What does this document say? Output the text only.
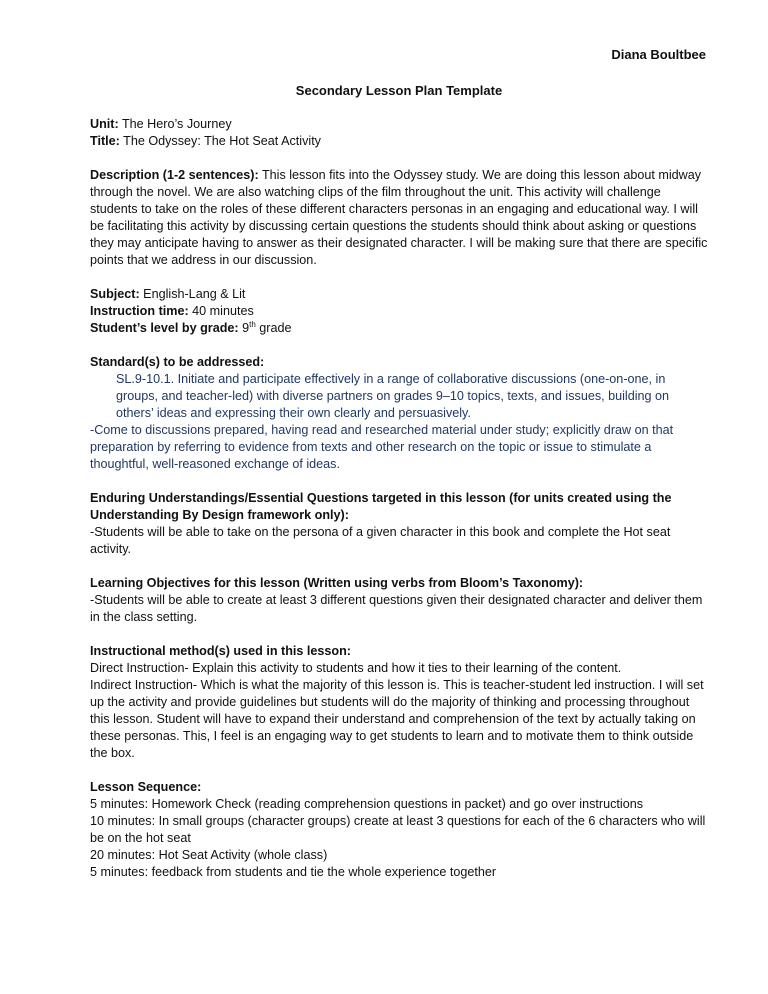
Diana Boultbee

Secondary Lesson Plan Template

Unit: The Hero’s Journey

Title: The Odyssey: The Hot Seat Activity

Description (1-2 sentences): This lesson fits into the Odyssey study. We are doing this lesson about midway through the novel. We are also watching clips of the film throughout the unit. This activity will challenge students to take on the roles of these different characters personas in an engaging and educational way. I will be facilitating this activity by discussing certain questions the students should think about asking or questions they may anticipate having to answer as their designated character. I will be making sure that there are specific points that we address in our discussion.

Subject: English-Lang & Lit

Instruction time: 40 minutes

Student’s level by grade: 9th grade

Standard(s) to be addressed:

SL.9-10.1. Initiate and participate effectively in a range of collaborative discussions (one-on-one, in groups, and teacher-led) with diverse partners on grades 9–10 topics, texts, and issues, building on others’ ideas and expressing their own clearly and persuasively.

-Come to discussions prepared, having read and researched material under study; explicitly draw on that preparation by referring to evidence from texts and other research on the topic or issue to stimulate a thoughtful, well-reasoned exchange of ideas.

Enduring Understandings/Essential Questions targeted in this lesson (for units created using the Understanding By Design framework only):

-Students will be able to take on the persona of a given character in this book and complete the Hot seat activity.

Learning Objectives for this lesson (Written using verbs from Bloom’s Taxonomy):

-Students will be able to create at least 3 different questions given their designated character and deliver them in the class setting.

Instructional method(s) used in this lesson:

Direct Instruction- Explain this activity to students and how it ties to their learning of the content.

Indirect Instruction- Which is what the majority of this lesson is. This is teacher-student led instruction. I will set up the activity and provide guidelines but students will do the majority of thinking and processing throughout this lesson. Student will have to expand their understand and comprehension of the text by actually taking on these personas. This, I feel is an engaging way to get students to learn and to motivate them to think outside the box.

Lesson Sequence:

5 minutes: Homework Check (reading comprehension questions in packet) and go over instructions

10 minutes: In small groups (character groups) create at least 3 questions for each of the 6 characters who will be on the hot seat

20 minutes: Hot Seat Activity (whole class)

5 minutes: feedback from students and tie the whole experience together
